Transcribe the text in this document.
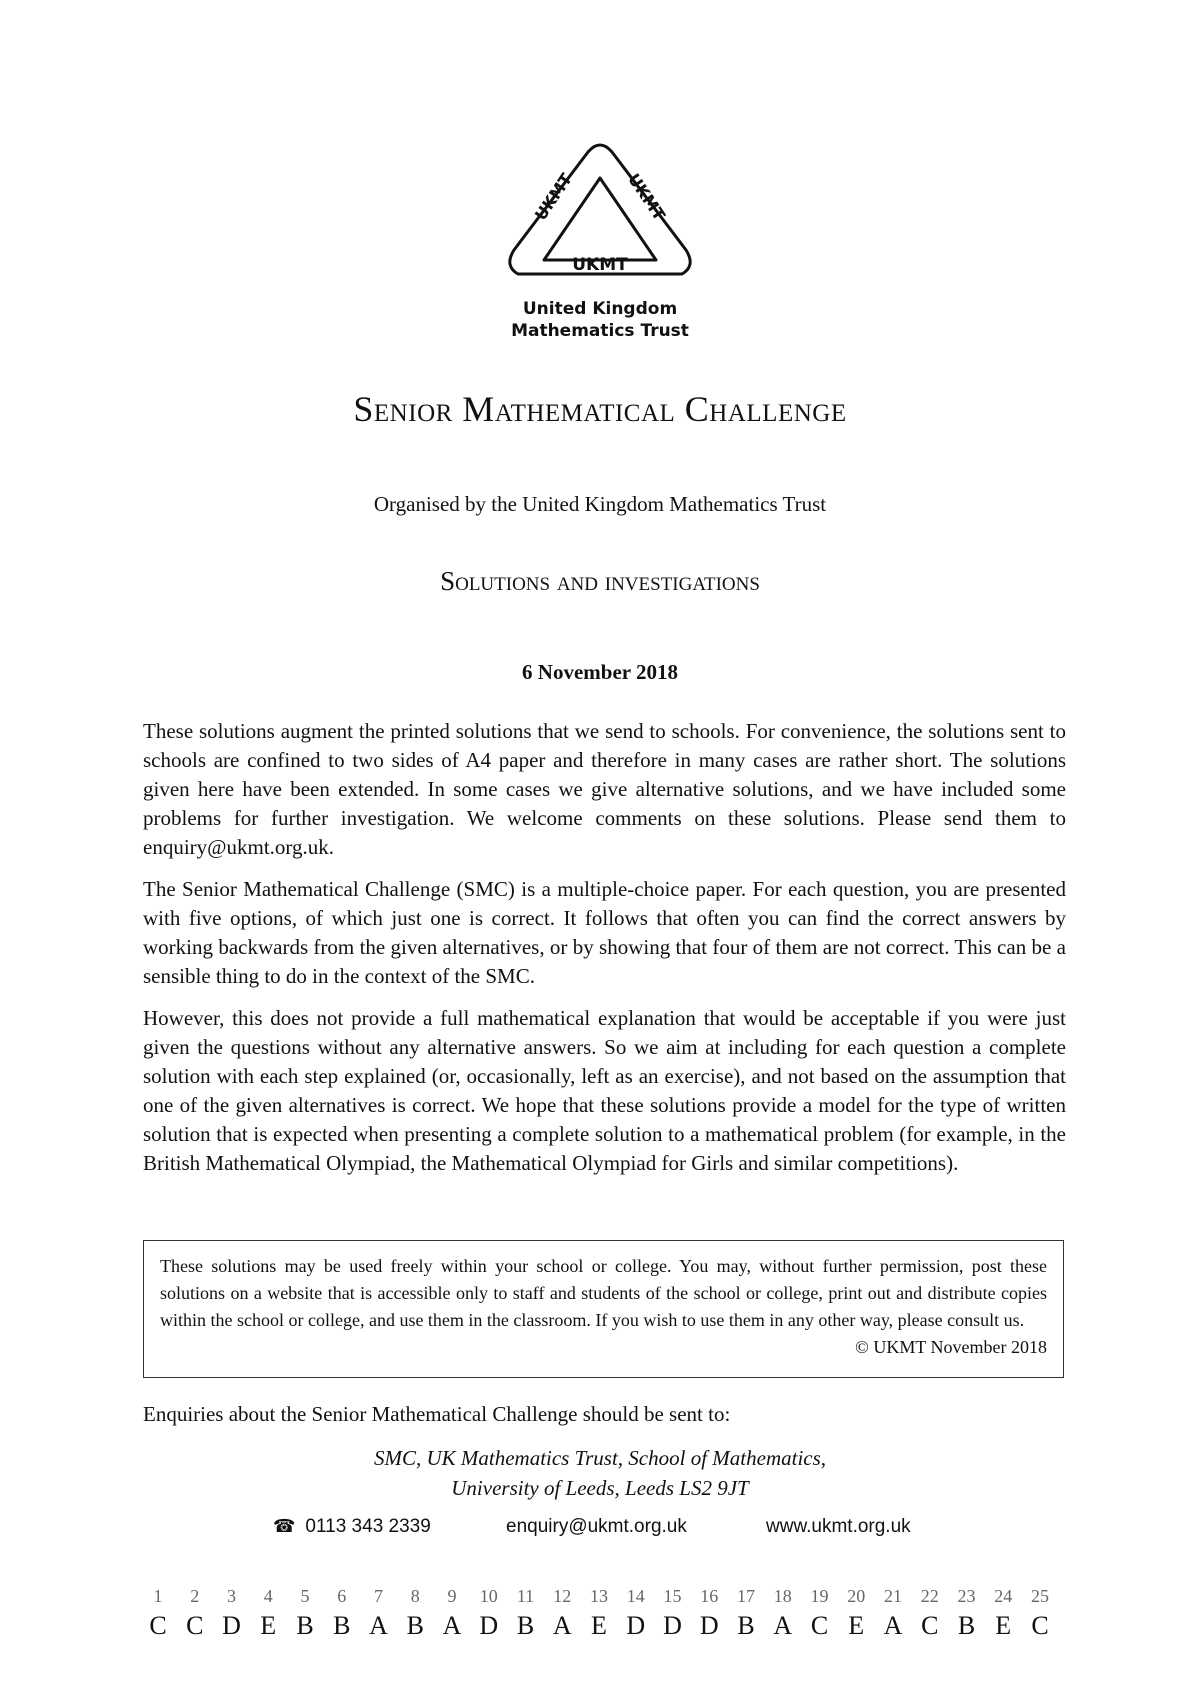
UKMT	UKMT
UKMT
United Kingdom
Mathematics Trust
Senior Mathematical Challenge
Organised by the United Kingdom Mathematics Trust
Solutions and investigations
6 November 2018

These solutions augment the printed solutions that we send to schools. For convenience, the solutions sent to schools are confined to two sides of A4 paper and therefore in many cases are rather short. The solutions given here have been extended. In some cases we give alternative solutions, and we have included some problems for further investigation. We welcome comments on these solutions. Please send them to enquiry@ukmt.org.uk.

The Senior Mathematical Challenge (SMC) is a multiple-choice paper. For each question, you are presented with five options, of which just one is correct. It follows that often you can find the correct answers by working backwards from the given alternatives, or by showing that four of them are not correct. This can be a sensible thing to do in the context of the SMC.

However, this does not provide a full mathematical explanation that would be acceptable if you were just given the questions without any alternative answers. So we aim at including for each question a complete solution with each step explained (or, occasionally, left as an exercise), and not based on the assumption that one of the given alternatives is correct. We hope that these solutions provide a model for the type of written solution that is expected when presenting a complete solution to a mathematical problem (for example, in the British Mathematical Olympiad, the Mathematical Olympiad for Girls and similar competitions).

These solutions may be used freely within your school or college. You may, without further permission, post these solutions on a website that is accessible only to staff and students of the school or college, print out and distribute copies within the school or college, and use them in the classroom. If you wish to use them in any other way, please consult us.
© UKMT November 2018
Enquiries about the Senior Mathematical Challenge should be sent to:
SMC, UK Mathematics Trust, School of Mathematics,
University of Leeds, Leeds LS2 9JT
☎ 0113 343 2339	enquiry@ukmt.org.uk	www.ukmt.org.uk
1	2	3	4	5	6	7	8	9	10	11	12	13	14	15	16	17	18	19	20	21	22	23	24	25
C C D E B B A B A D B A E D D D B A C E A C B E C
